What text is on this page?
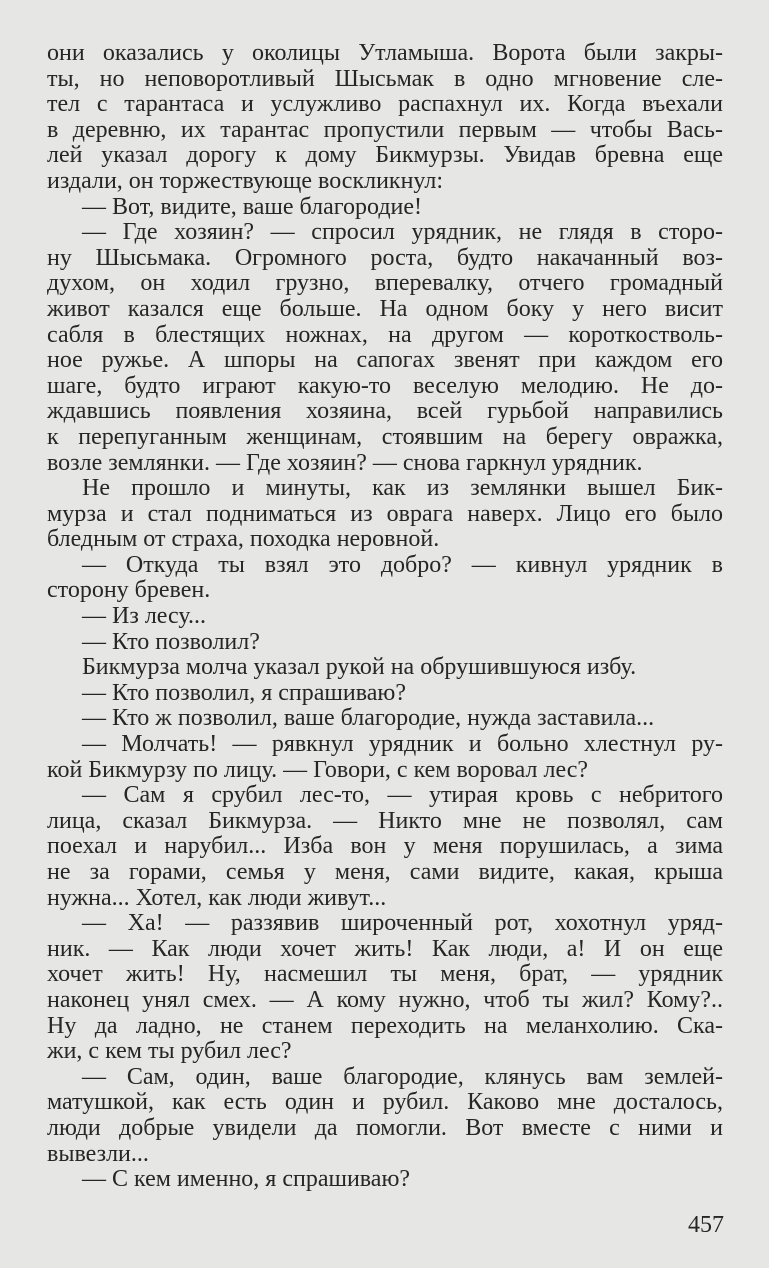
они оказались у околицы Утламыша. Ворота были закры-
ты, но неповоротливый Шысьмак в одно мгновение сле-
тел с тарантаса и услужливо распахнул их. Когда въехали
в деревню, их тарантас пропустили первым — чтобы Вась-
лей указал дорогу к дому Бикмурзы. Увидав бревна еще
издали, он торжествующе воскликнул:
— Вот, видите, ваше благородие!
— Где хозяин? — спросил урядник, не глядя в сторо-
ну Шысьмака. Огромного роста, будто накачанный воз-
духом, он ходил грузно, вперевалку, отчего громадный
живот казался еще больше. На одном боку у него висит
сабля в блестящих ножнах, на другом — короткостволь-
ное ружье. А шпоры на сапогах звенят при каждом его
шаге, будто играют какую-то веселую мелодию. Не до-
ждавшись появления хозяина, всей гурьбой направились
к перепуганным женщинам, стоявшим на берегу овражка,
возле землянки. — Где хозяин? — снова гаркнул урядник.
Не прошло и минуты, как из землянки вышел Бик-
мурза и стал подниматься из оврага наверх. Лицо его было
бледным от страха, походка неровной.
— Откуда ты взял это добро? — кивнул урядник в
сторону бревен.
— Из лесу...
— Кто позволил?
Бикмурза молча указал рукой на обрушившуюся избу.
— Кто позволил, я спрашиваю?
— Кто ж позволил, ваше благородие, нужда заставила...
— Молчать! — рявкнул урядник и больно хлестнул ру-
кой Бикмурзу по лицу. — Говори, с кем воровал лес?
— Сам я срубил лес-то, — утирая кровь с небритого
лица, сказал Бикмурза. — Никто мне не позволял, сам
поехал и нарубил... Изба вон у меня порушилась, а зима
не за горами, семья у меня, сами видите, какая, крыша
нужна... Хотел, как люди живут...
— Ха! — раззявив широченный рот, хохотнул уряд-
ник. — Как люди хочет жить! Как люди, а! И он еще
хочет жить! Ну, насмешил ты меня, брат, — урядник
наконец унял смех. — А кому нужно, чтоб ты жил? Кому?..
Ну да ладно, не станем переходить на меланхолию. Ска-
жи, с кем ты рубил лес?
— Сам, один, ваше благородие, клянусь вам землей-
матушкой, как есть один и рубил. Каково мне досталось,
люди добрые увидели да помогли. Вот вместе с ними и
вывезли...
— С кем именно, я спрашиваю?
457
